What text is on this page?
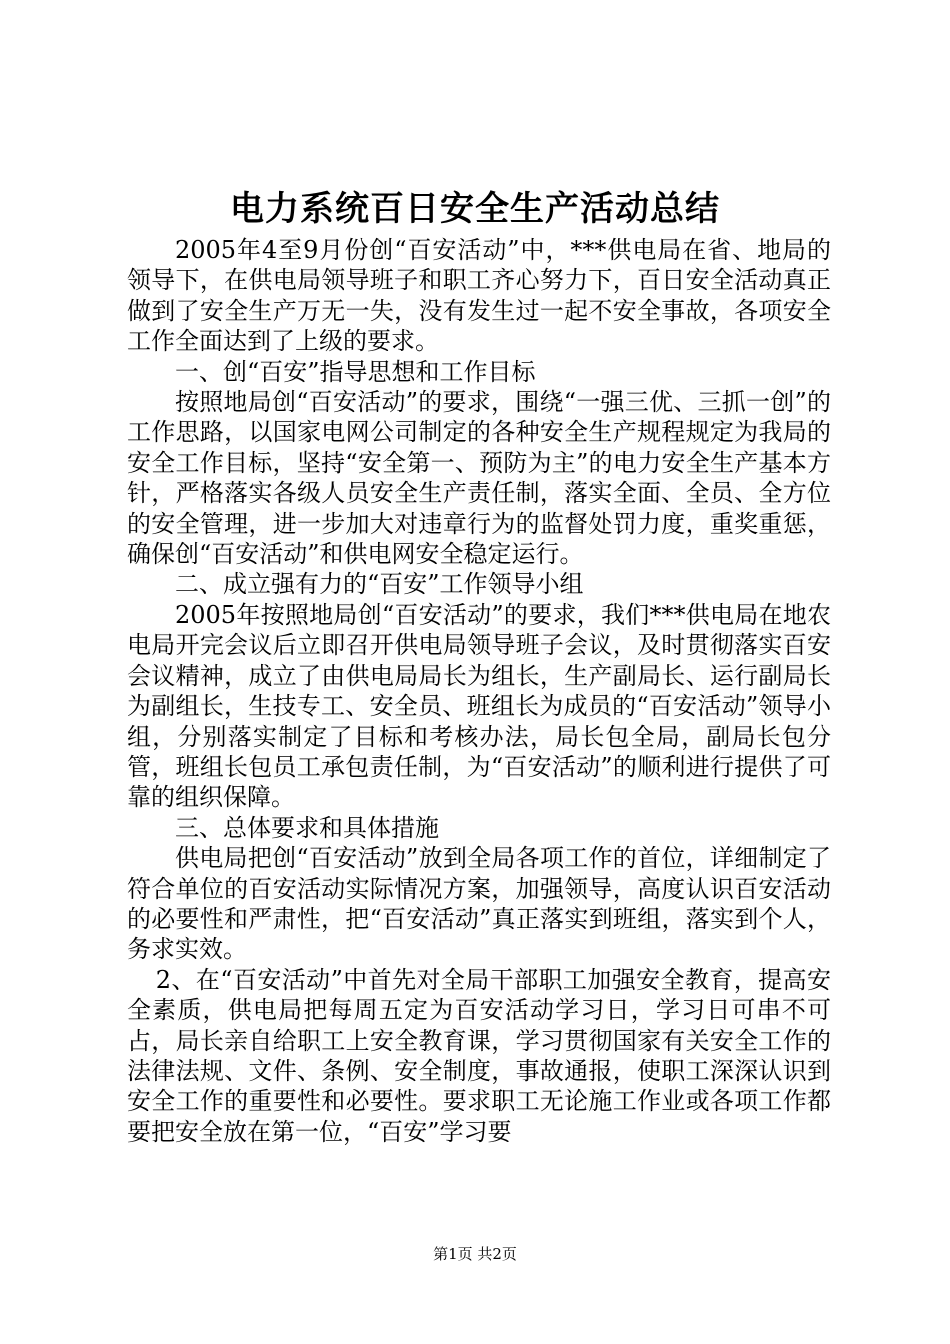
电力系统百日安全生产活动总结

2005年4至9月份创“百安活动”中，***供电局在省、地局的领导下，在供电局领导班子和职工齐心努力下，百日安全活动真正做到了安全生产万无一失，没有发生过一起不安全事故，各项安全工作全面达到了上级的要求。

一、创“百安”指导思想和工作目标

按照地局创“百安活动”的要求，围绕“一强三优、三抓一创”的工作思路，以国家电网公司制定的各种安全生产规程规定为我局的安全工作目标，坚持“安全第一、预防为主”的电力安全生产基本方针，严格落实各级人员安全生产责任制，落实全面、全员、全方位的安全管理，进一步加大对违章行为的监督处罚力度，重奖重惩，确保创“百安活动”和供电网安全稳定运行。

二、成立强有力的“百安”工作领导小组

2005年按照地局创“百安活动”的要求，我们***供电局在地农电局开完会议后立即召开供电局领导班子会议，及时贯彻落实百安会议精神，成立了由供电局局长为组长，生产副局长、运行副局长为副组长，生技专工、安全员、班组长为成员的“百安活动”领导小组，分别落实制定了目标和考核办法，局长包全局，副局长包分管，班组长包员工承包责任制，为“百安活动”的顺利进行提供了可靠的组织保障。

三、总体要求和具体措施

供电局把创“百安活动”放到全局各项工作的首位，详细制定了符合单位的百安活动实际情况方案，加强领导，高度认识百安活动的必要性和严肃性，把“百安活动”真正落实到班组，落实到个人，务求实效。

2、在“百安活动”中首先对全局干部职工加强安全教育，提高安全素质，供电局把每周五定为百安活动学习日，学习日可串不可占，局长亲自给职工上安全教育课，学习贯彻国家有关安全工作的法律法规、文件、条例、安全制度，事故通报，使职工深深认识到安全工作的重要性和必要性。要求职工无论施工作业或各项工作都要把安全放在第一位，“百安”学习要

第1页 共2页
